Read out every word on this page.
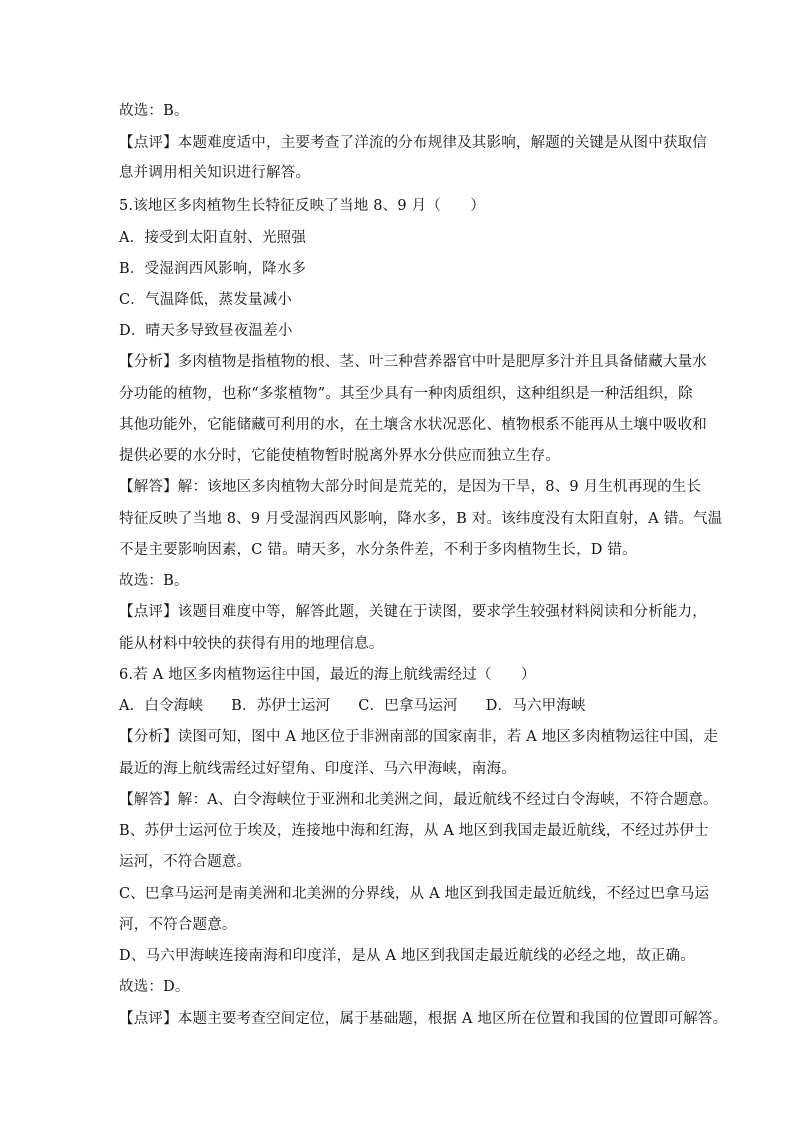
故选：B。
【点评】本题难度适中，主要考查了洋流的分布规律及其影响，解题的关键是从图中获取信
息并调用相关知识进行解答。
5.该地区多肉植物生长特征反映了当地 8、9 月（　　）
A．接受到太阳直射、光照强
B．受湿润西风影响，降水多
C．气温降低，蒸发量减小
D．晴天多导致昼夜温差小
【分析】多肉植物是指植物的根、茎、叶三种营养器官中叶是肥厚多汁并且具备储藏大量水
分功能的植物，也称“多浆植物”。其至少具有一种肉质组织，这种组织是一种活组织，除
其他功能外，它能储藏可利用的水，在土壤含水状况恶化、植物根系不能再从土壤中吸收和
提供必要的水分时，它能使植物暂时脱离外界水分供应而独立生存。
【解答】解：该地区多肉植物大部分时间是荒芜的，是因为干旱，8、9 月生机再现的生长
特征反映了当地 8、9 月受湿润西风影响，降水多，B 对。该纬度没有太阳直射，A 错。气温
不是主要影响因素，C 错。晴天多，水分条件差，不利于多肉植物生长，D 错。
故选：B。
【点评】该题目难度中等，解答此题，关键在于读图，要求学生较强材料阅读和分析能力，
能从材料中较快的获得有用的地理信息。
6.若 A 地区多肉植物运往中国，最近的海上航线需经过（　　）
A．白令海峡 B．苏伊士运河 C．巴拿马运河 D．马六甲海峡
【分析】读图可知，图中 A 地区位于非洲南部的国家南非，若 A 地区多肉植物运往中国，走
最近的海上航线需经过好望角、印度洋、马六甲海峡，南海。
【解答】解：A、白令海峡位于亚洲和北美洲之间，最近航线不经过白令海峡，不符合题意。
B、苏伊士运河位于埃及，连接地中海和红海，从 A 地区到我国走最近航线，不经过苏伊士
运河，不符合题意。
C、巴拿马运河是南美洲和北美洲的分界线，从 A 地区到我国走最近航线，不经过巴拿马运
河，不符合题意。
D、马六甲海峡连接南海和印度洋，是从 A 地区到我国走最近航线的必经之地，故正确。
故选：D。
【点评】本题主要考查空间定位，属于基础题，根据 A 地区所在位置和我国的位置即可解答。
